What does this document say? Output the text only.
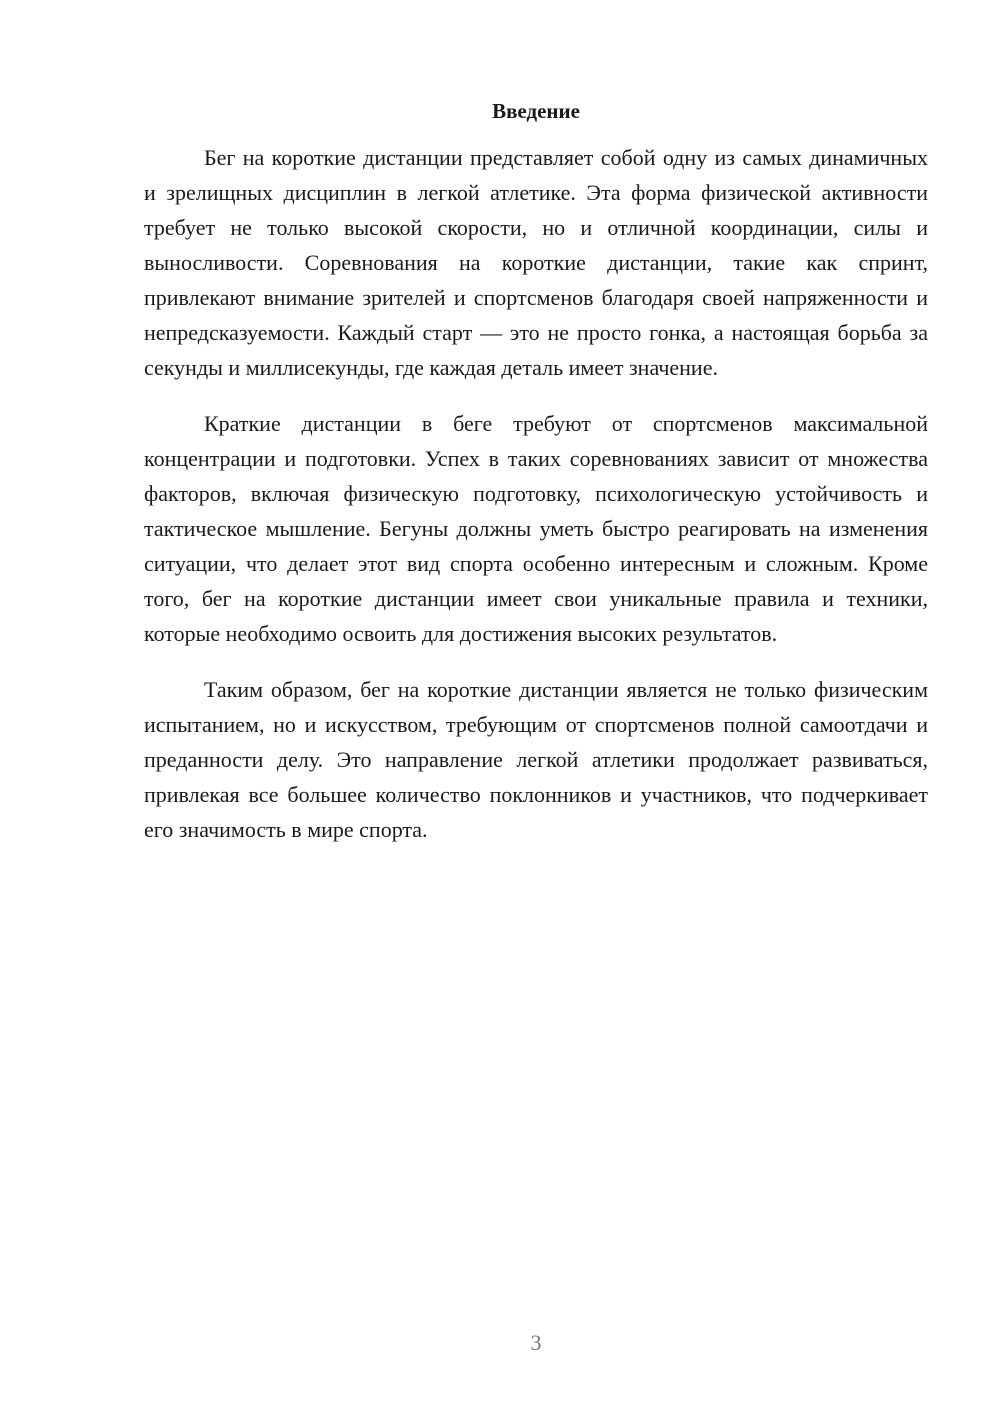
Введение

Бег на короткие дистанции представляет собой одну из самых динамичных и зрелищных дисциплин в легкой атлетике. Эта форма физической активности требует не только высокой скорости, но и отличной координации, силы и выносливости. Соревнования на короткие дистанции, такие как спринт, привлекают внимание зрителей и спортсменов благодаря своей напряженности и непредсказуемости. Каждый старт — это не просто гонка, а настоящая борьба за секунды и миллисекунды, где каждая деталь имеет значение.

Краткие дистанции в беге требуют от спортсменов максимальной концентрации и подготовки. Успех в таких соревнованиях зависит от множества факторов, включая физическую подготовку, психологическую устойчивость и тактическое мышление. Бегуны должны уметь быстро реагировать на изменения ситуации, что делает этот вид спорта особенно интересным и сложным. Кроме того, бег на короткие дистанции имеет свои уникальные правила и техники, которые необходимо освоить для достижения высоких результатов.

Таким образом, бег на короткие дистанции является не только физическим испытанием, но и искусством, требующим от спортсменов полной самоотдачи и преданности делу. Это направление легкой атлетики продолжает развиваться, привлекая все большее количество поклонников и участников, что подчеркивает его значимость в мире спорта.

3
